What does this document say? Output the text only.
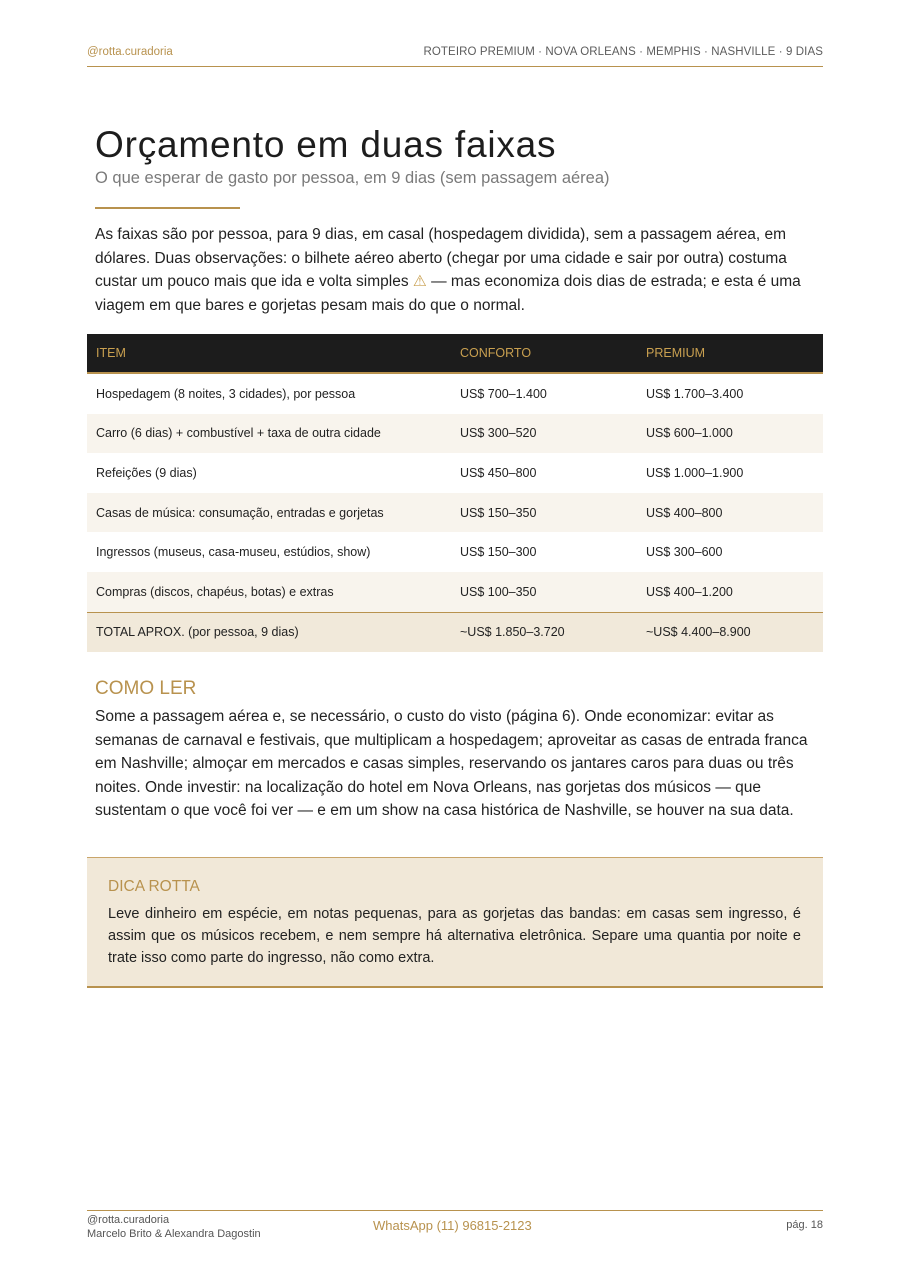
@rotta.curadoria	ROTEIRO PREMIUM · NOVA ORLEANS · MEMPHIS · NASHVILLE · 9 DIAS
Orçamento em duas faixas
O que esperar de gasto por pessoa, em 9 dias (sem passagem aérea)

As faixas são por pessoa, para 9 dias, em casal (hospedagem dividida), sem a passagem aérea, em dólares. Duas observações: o bilhete aéreo aberto (chegar por uma cidade e sair por outra) costuma custar um pouco mais que ida e volta simples ⚠ — mas economiza dois dias de estrada; e esta é uma viagem em que bares e gorjetas pesam mais do que o normal.

ITEM	CONFORTO	PREMIUM
Hospedagem (8 noites, 3 cidades), por pessoa	US$ 700–1.400	US$ 1.700–3.400
Carro (6 dias) + combustível + taxa de outra cidade	US$ 300–520	US$ 600–1.000
Refeições (9 dias)	US$ 450–800	US$ 1.000–1.900
Casas de música: consumação, entradas e gorjetas	US$ 150–350	US$ 400–800
Ingressos (museus, casa-museu, estúdios, show)	US$ 150–300	US$ 300–600
Compras (discos, chapéus, botas) e extras	US$ 100–350	US$ 400–1.200
TOTAL APROX. (por pessoa, 9 dias)	~US$ 1.850–3.720	~US$ 4.400–8.900
COMO LER

Some a passagem aérea e, se necessário, o custo do visto (página 6). Onde economizar: evitar as semanas de carnaval e festivais, que multiplicam a hospedagem; aproveitar as casas de entrada franca em Nashville; almoçar em mercados e casas simples, reservando os jantares caros para duas ou três noites. Onde investir: na localização do hotel em Nova Orleans, nas gorjetas dos músicos — que sustentam o que você foi ver — e em um show na casa histórica de Nashville, se houver na sua data.

DICA ROTTA

Leve dinheiro em espécie, em notas pequenas, para as gorjetas das bandas: em casas sem ingresso, é assim que os músicos recebem, e nem sempre há alternativa eletrônica. Separe uma quantia por noite e trate isso como parte do ingresso, não como extra.

@rotta.curadoria
Marcelo Brito & Alexandra Dagostin
WhatsApp (11) 96815-2123	pág. 18
